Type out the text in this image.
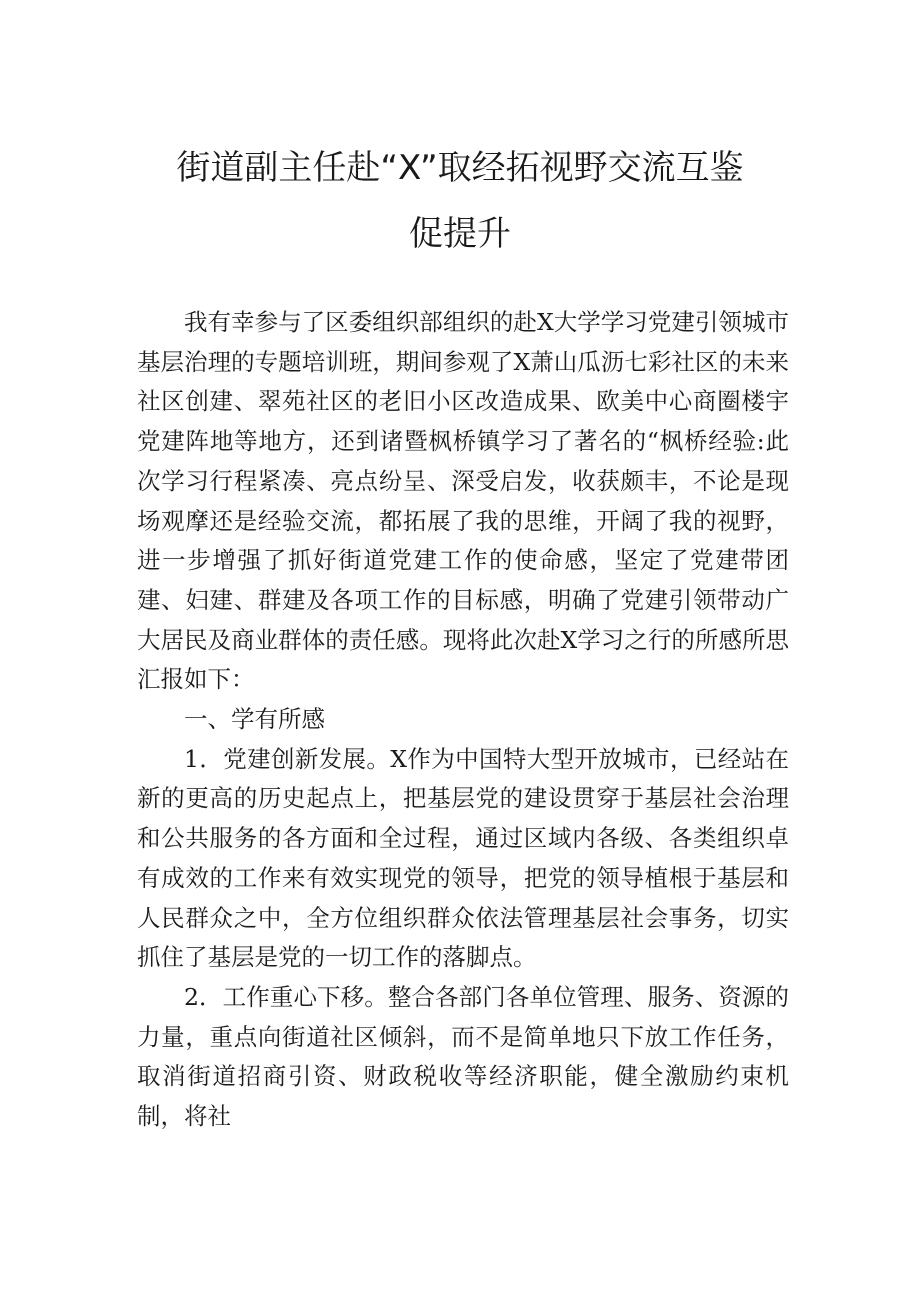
街道副主任赴“X”取经拓视野交流互鉴促提升

我有幸参与了区委组织部组织的赴X大学学习党建引领城市基层治理的专题培训班，期间参观了X萧山瓜沥七彩社区的未来社区创建、翠苑社区的老旧小区改造成果、欧美中心商圈楼宇党建阵地等地方，还到诸暨枫桥镇学习了著名的“枫桥经验:此次学习行程紧凑、亮点纷呈、深受启发，收获颇丰，不论是现场观摩还是经验交流，都拓展了我的思维，开阔了我的视野，进一步增强了抓好街道党建工作的使命感，坚定了党建带团建、妇建、群建及各项工作的目标感，明确了党建引领带动广大居民及商业群体的责任感。现将此次赴X学习之行的所感所思汇报如下：

一、学有所感

1．党建创新发展。X作为中国特大型开放城市，已经站在新的更高的历史起点上，把基层党的建设贯穿于基层社会治理和公共服务的各方面和全过程，通过区域内各级、各类组织卓有成效的工作来有效实现党的领导，把党的领导植根于基层和人民群众之中，全方位组织群众依法管理基层社会事务，切实抓住了基层是党的一切工作的落脚点。

2．工作重心下移。整合各部门各单位管理、服务、资源的力量，重点向街道社区倾斜，而不是简单地只下放工作任务，取消街道招商引资、财政税收等经济职能，健全激励约束机制，将社
